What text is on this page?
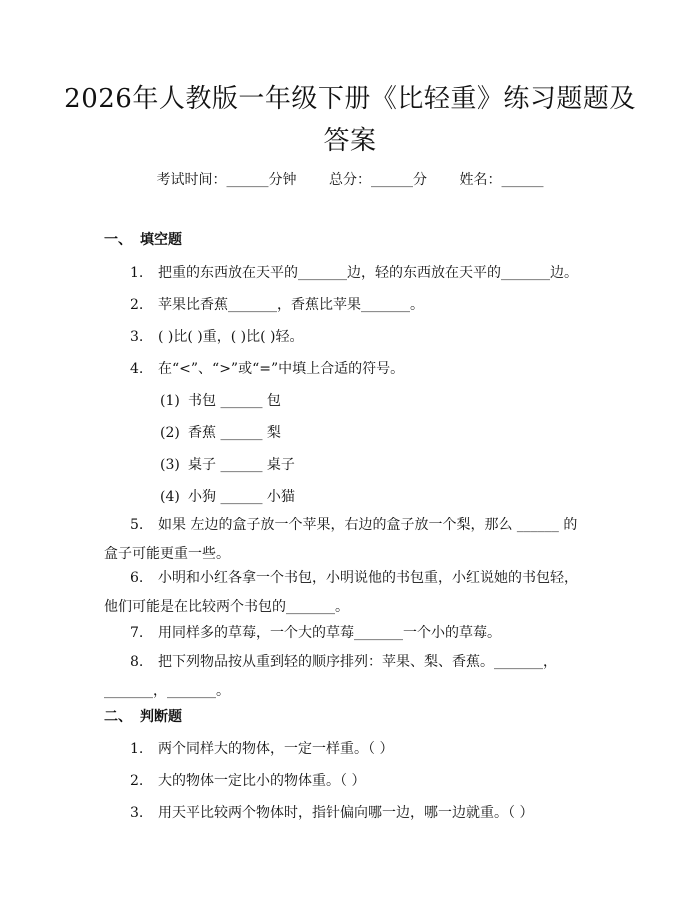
2026年人教版一年级下册《比轻重》练习题题及答案
考试时间：______分钟 总分：______分 姓名：______
一、 填空题
1. 把重的东西放在天平的_______边，轻的东西放在天平的_______边。
2. 苹果比香蕉_______，香蕉比苹果_______。
3. ( )比( )重，( )比( )轻。
4. 在“<”、“>”或“=”中填上合适的符号。
(1) 书包 ______ 包
(2) 香蕉 ______ 梨
(3) 桌子 ______ 桌子
(4) 小狗 ______ 小猫
5. 如果 左边的盒子放一个苹果，右边的盒子放一个梨，那么 ______ 的盒子可能更重一些。
6. 小明和小红各拿一个书包，小明说他的书包重，小红说她的书包轻，他们可能是在比较两个书包的_______。
7. 用同样多的草莓，一个大的草莓_______一个小的草莓。
8. 把下列物品按从重到轻的顺序排列：苹果、梨、香蕉。_______，_______，_______。
二、 判断题
1. 两个同样大的物体，一定一样重。（ ）
2. 大的物体一定比小的物体重。（ ）
3. 用天平比较两个物体时，指针偏向哪一边，哪一边就重。（ ）
